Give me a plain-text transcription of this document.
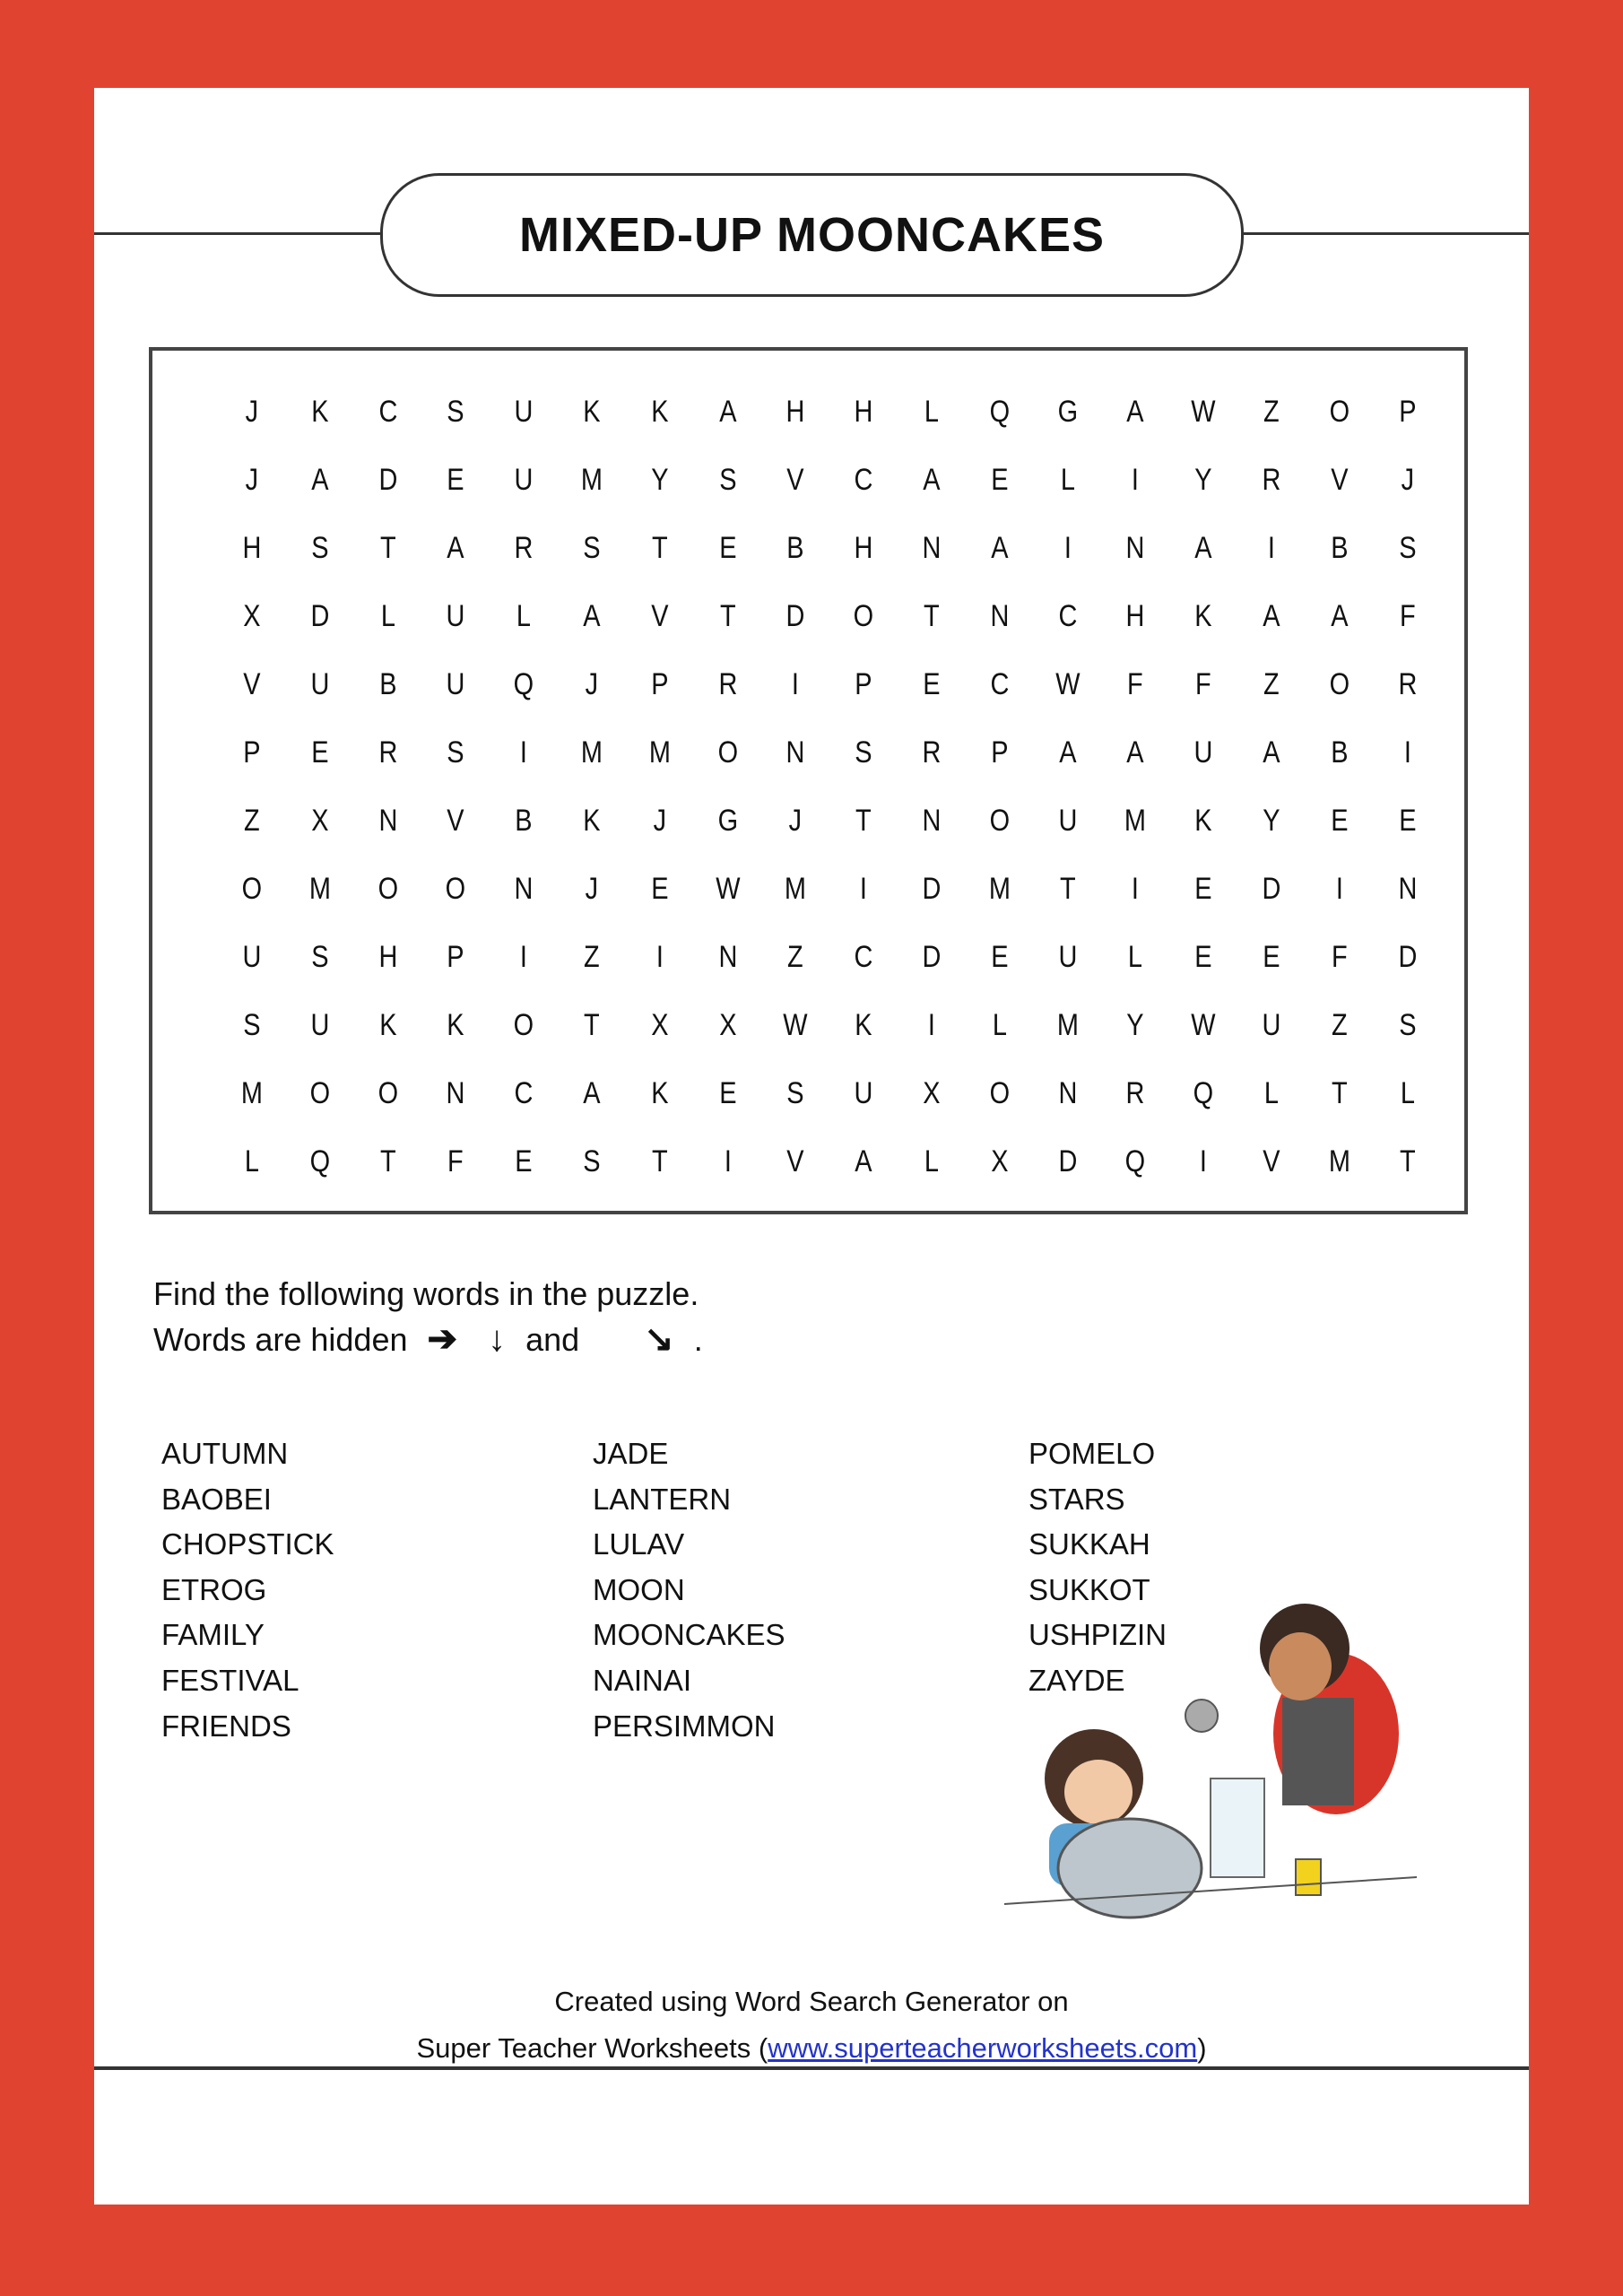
MIXED-UP MOONCAKES
J	K	C	S	U	K	K	A	H	H	L	Q	G	A	W	Z	O	P
J	A	D	E	U	M	Y	S	V	C	A	E	L	I	Y	R	V	J
H	S	T	A	R	S	T	E	B	H	N	A	I	N	A	I	B	S
X	D	L	U	L	A	V	T	D	O	T	N	C	H	K	A	A	F
V	U	B	U	Q	J	P	R	I	P	E	C	W	F	F	Z	O	R
P	E	R	S	I	M	M	O	N	S	R	P	A	A	U	A	B	I
Z	X	N	V	B	K	J	G	J	T	N	O	U	M	K	Y	E	E
O	M	O	O	N	J	E	W	M	I	D	M	T	I	E	D	I	N
U	S	H	P	I	Z	I	N	Z	C	D	E	U	L	E	E	F	D
S	U	K	K	O	T	X	X	W	K	I	L	M	Y	W	U	Z	S
M	O	O	N	C	A	K	E	S	U	X	O	N	R	Q	L	T	L
L	Q	T	F	E	S	T	I	V	A	L	X	D	Q	I	V	M	T
Find the following words in the puzzle.
Words are hidden ➔ ↓ and ↘ .
AUTUMN
BAOBEI
CHOPSTICK
ETROG
FAMILY
FESTIVAL
FRIENDS
JADE
LANTERN
LULAV
MOON
MOONCAKES
NAINAI
PERSIMMON
POMELO
STARS
SUKKAH
SUKKOT
USHPIZIN
ZAYDE
Created using Word Search Generator on
Super Teacher Worksheets (www.superteacherworksheets.com)
